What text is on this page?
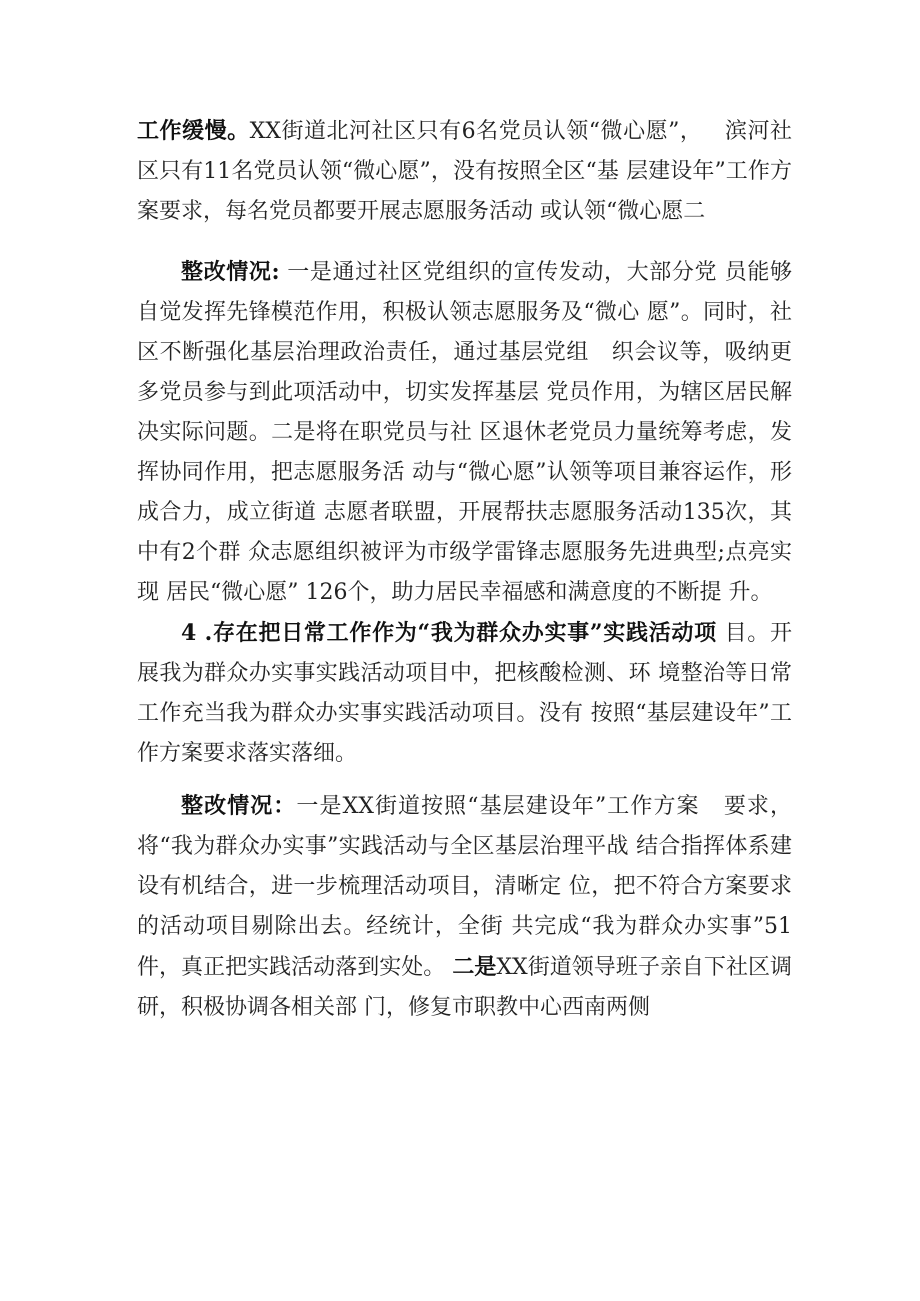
工作缓慢。XX街道北河社区只有6名党员认领“微心愿”，   滨河社区只有11名党员认领“微心愿”，没有按照全区“基 层建设年”工作方案要求，每名党员都要开展志愿服务活动 或认领“微心愿二

整改情况: 一是通过社区党组织的宣传发动，大部分党 员能够自觉发挥先锋模范作用，积极认领志愿服务及“微心 愿”。同时，社区不断强化基层治理政治责任，通过基层党组   织会议等，吸纳更多党员参与到此项活动中，切实发挥基层 党员作用，为辖区居民解决实际问题。二是将在职党员与社 区退休老党员力量统筹考虑，发挥协同作用，把志愿服务活 动与“微心愿”认领等项目兼容运作，形成合力，成立街道 志愿者联盟，开展帮扶志愿服务活动135次，其中有2个群 众志愿组织被评为市级学雷锋志愿服务先进典型;点亮实现 居民“微心愿” 126个，助力居民幸福感和满意度的不断提 升。

4 .存在把日常工作作为“我为群众办实事”实践活动项 目。开展我为群众办实事实践活动项目中，把核酸检测、环 境整治等日常工作充当我为群众办实事实践活动项目。没有 按照“基层建设年”工作方案要求落实落细。

整改情况：一是XX街道按照“基层建设年”工作方案   要求，将“我为群众办实事”实践活动与全区基层治理平战 结合指挥体系建设有机结合，进一步梳理活动项目，清晰定 位，把不符合方案要求的活动项目剔除出去。经统计，全街 共完成“我为群众办实事”51件，真正把实践活动落到实处。 二是XX街道领导班子亲自下社区调研，积极协调各相关部 门，修复市职教中心西南两侧
